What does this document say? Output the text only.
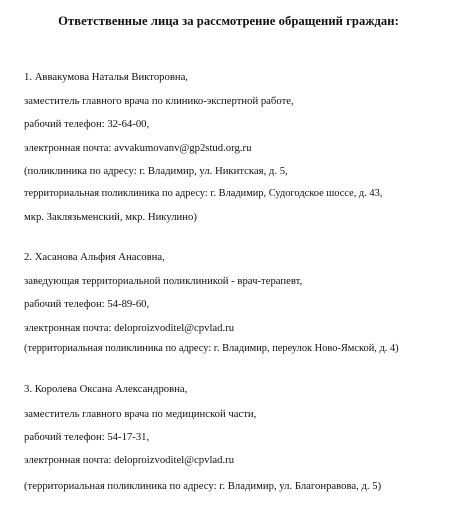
Ответственные лица за рассмотрение обращений граждан:
1. Аввакумова Наталья Викторовна,
заместитель главного врача по клинико-экспертной работе,
рабочий телефон: 32-64-00,
электронная почта: avvakumovanv@gp2stud.org.ru
(поликлиника по адресу: г. Владимир, ул. Никитская, д. 5,
территориальная поликлиника по адресу: г. Владимир, Судогодское шоссе, д. 43,
мкр. Заклязьменский, мкр. Никулино)
2. Хасанова Альфия Анасовна,
заведующая территориальной поликлиникой - врач-терапевт,
рабочий телефон: 54-89-60,
электронная почта: deloproizvoditel@cpvlad.ru
(территориальная поликлиника по адресу: г. Владимир, переулок Ново-Ямской, д. 4)
3. Королева Оксана Александровна,
заместитель главного врача по медицинской части,
рабочий телефон: 54-17-31,
электронная почта: deloproizvoditel@cpvlad.ru
(территориальная поликлиника по адресу: г. Владимир, ул. Благонравова, д. 5)
